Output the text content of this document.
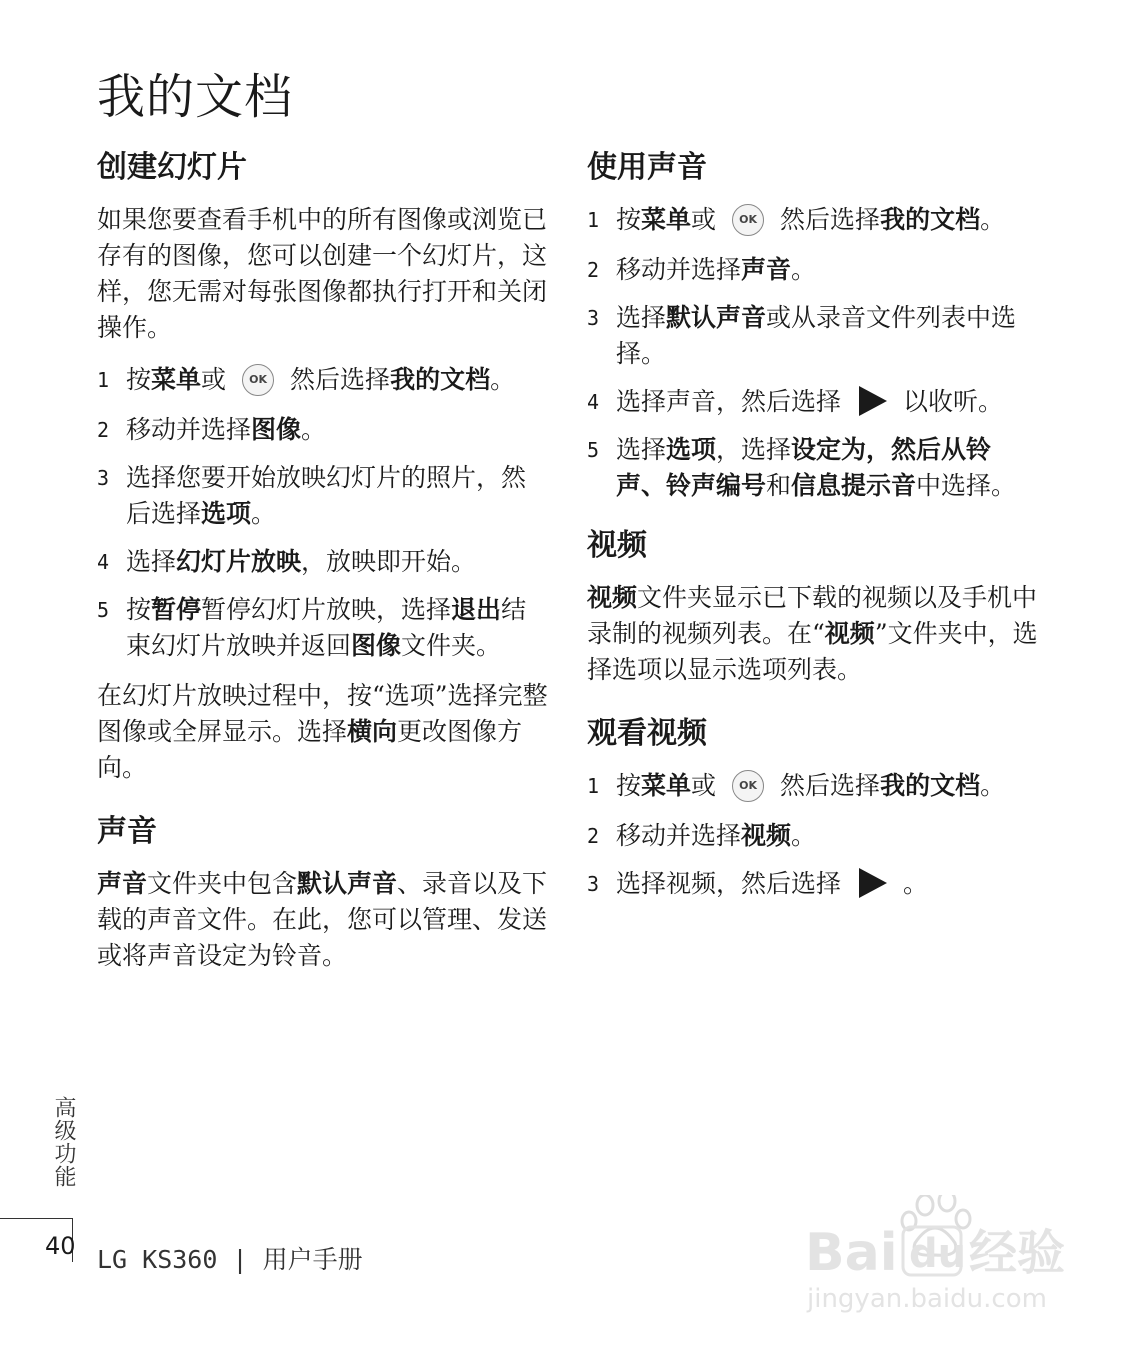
我的文档
创建幻灯片

如果您要查看手机中的所有图像或浏览已存有的图像，您可以创建一个幻灯片，这样，您无需对每张图像都执行打开和关闭操作。

1 按菜单或 OK 然后选择我的文档。
2 移动并选择图像。
3 选择您要开始放映幻灯片的照片，然后选择选项。
4 选择幻灯片放映，放映即开始。
5 按暂停暂停幻灯片放映，选择退出结束幻灯片放映并返回图像文件夹。

在幻灯片放映过程中，按“选项”选择完整图像或全屏显示。选择横向更改图像方向。

声音

声音文件夹中包含默认声音、录音以及下载的声音文件。在此，您可以管理、发送或将声音设定为铃音。

使用声音
1 按菜单或 OK 然后选择我的文档。
2 移动并选择声音。
3 选择默认声音或从录音文件列表中选择。
4 选择声音，然后选择 以收听。
5 选择选项，选择设定为，然后从铃声、铃声编号和信息提示音中选择。
视频

视频文件夹显示已下载的视频以及手机中录制的视频列表。在“视频”文件夹中，选择选项以显示选项列表。

观看视频
1 按菜单或 OK 然后选择我的文档。
2 移动并选择视频。
3 选择视频，然后选择 。
高级功能
40 LG KS360 | 用户手册	Bai du 经验
jingyan.baidu.com
